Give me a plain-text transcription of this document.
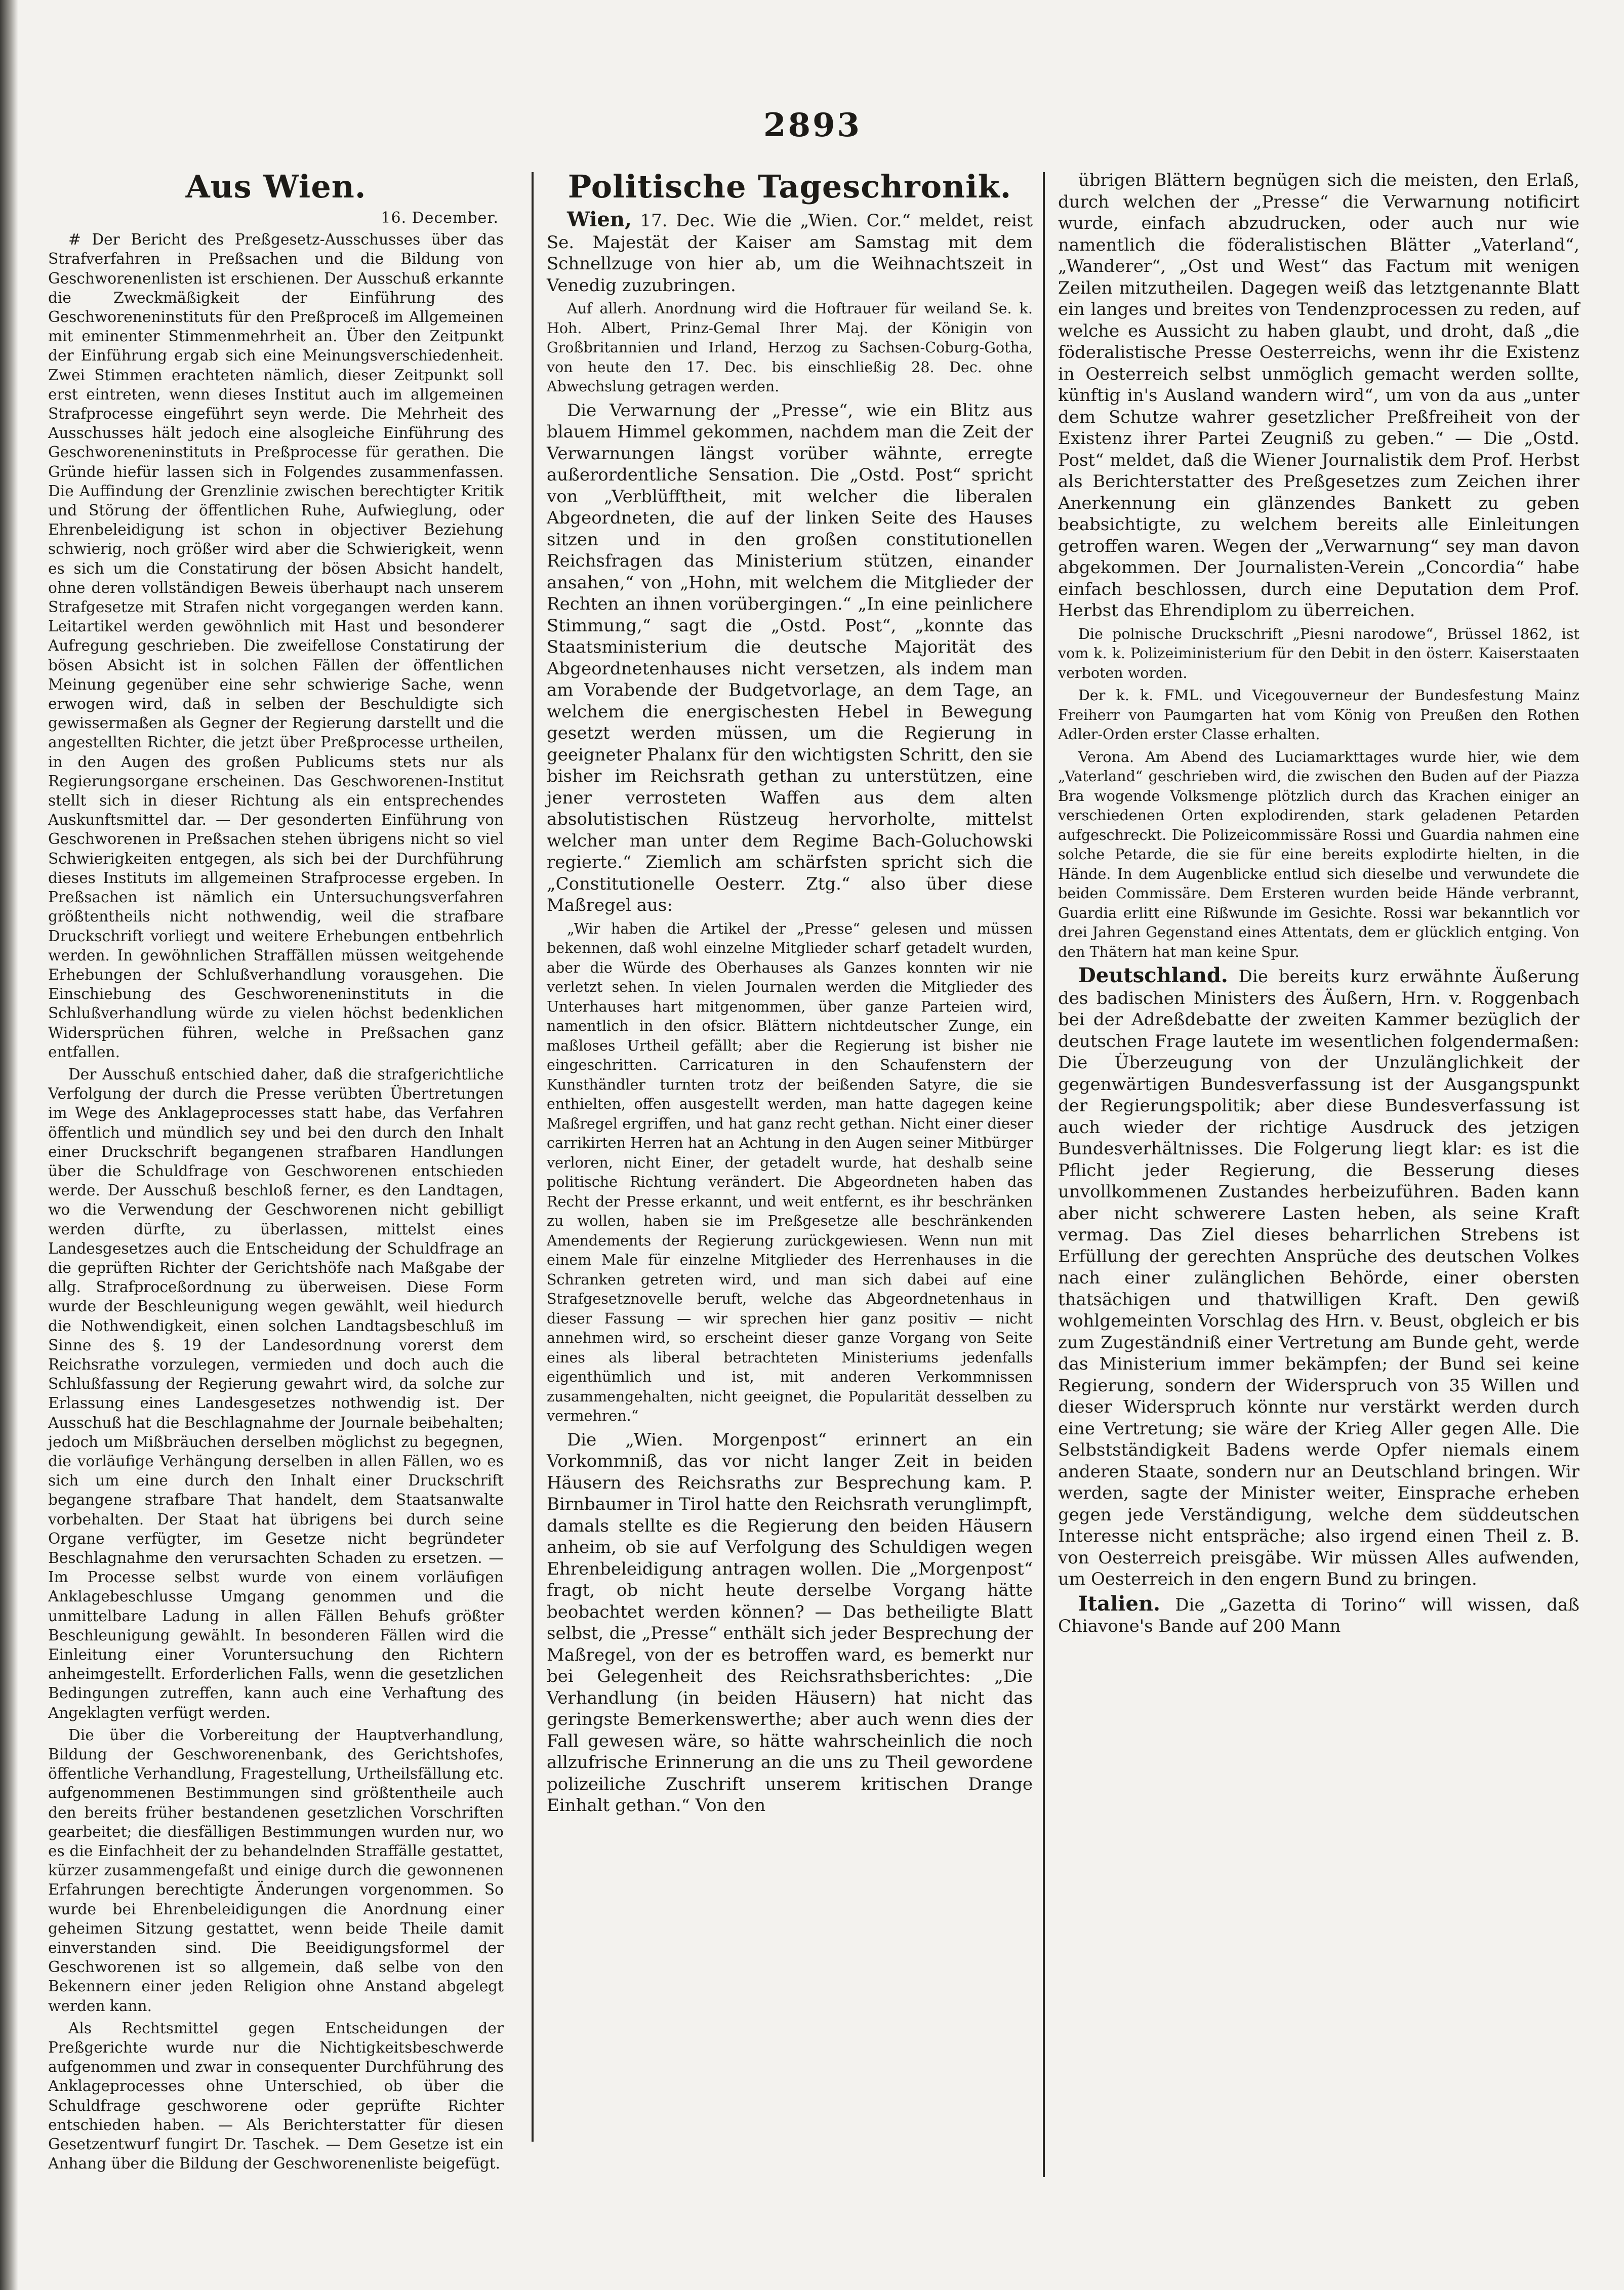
2893
Aus Wien.
16. December.

# Der Bericht des Preßgesetz-Ausschusses über das Strafverfahren in Preßsachen und die Bildung von Geschworenenlisten ist erschienen. Der Ausschuß erkannte die Zweckmäßigkeit der Einführung des Geschworeneninstituts für den Preßproceß im Allgemeinen mit eminenter Stimmenmehrheit an. Über den Zeitpunkt der Einführung ergab sich eine Meinungsverschiedenheit. Zwei Stimmen erachteten nämlich, dieser Zeitpunkt soll erst eintreten, wenn dieses Institut auch im allgemeinen Strafprocesse eingeführt seyn werde. Die Mehrheit des Ausschusses hält jedoch eine alsogleiche Einführung des Geschworeneninstituts in Preßprocesse für gerathen. Die Gründe hiefür lassen sich in Folgendes zusammenfassen. Die Auffindung der Grenzlinie zwischen berechtigter Kritik und Störung der öffentlichen Ruhe, Aufwieglung, oder Ehrenbeleidigung ist schon in objectiver Beziehung schwierig, noch größer wird aber die Schwierigkeit, wenn es sich um die Constatirung der bösen Absicht handelt, ohne deren vollständigen Beweis überhaupt nach unserem Strafgesetze mit Strafen nicht vorgegangen werden kann. Leitartikel werden gewöhnlich mit Hast und besonderer Aufregung geschrieben. Die zweifellose Constatirung der bösen Absicht ist in solchen Fällen der öffentlichen Meinung gegenüber eine sehr schwierige Sache, wenn erwogen wird, daß in selben der Beschuldigte sich gewissermaßen als Gegner der Regierung darstellt und die angestellten Richter, die jetzt über Preßprocesse urtheilen, in den Augen des großen Publicums stets nur als Regierungsorgane erscheinen. Das Geschworenen-Institut stellt sich in dieser Richtung als ein entsprechendes Auskunftsmittel dar. — Der gesonderten Einführung von Geschworenen in Preßsachen stehen übrigens nicht so viel Schwierigkeiten entgegen, als sich bei der Durchführung dieses Instituts im allgemeinen Strafprocesse ergeben. In Preßsachen ist nämlich ein Untersuchungsverfahren größtentheils nicht nothwendig, weil die strafbare Druckschrift vorliegt und weitere Erhebungen entbehrlich werden. In gewöhnlichen Straffällen müssen weitgehende Erhebungen der Schlußverhandlung vorausgehen. Die Einschiebung des Geschworeneninstituts in die Schlußverhandlung würde zu vielen höchst bedenklichen Widersprüchen führen, welche in Preßsachen ganz entfallen.

Der Ausschuß entschied daher, daß die strafgerichtliche Verfolgung der durch die Presse verübten Übertretungen im Wege des Anklageprocesses statt habe, das Verfahren öffentlich und mündlich sey und bei den durch den Inhalt einer Druckschrift begangenen strafbaren Handlungen über die Schuldfrage von Geschworenen entschieden werde. Der Ausschuß beschloß ferner, es den Landtagen, wo die Verwendung der Geschworenen nicht gebilligt werden dürfte, zu überlassen, mittelst eines Landesgesetzes auch die Entscheidung der Schuldfrage an die geprüften Richter der Gerichtshöfe nach Maßgabe der allg. Strafproceßordnung zu überweisen. Diese Form wurde der Beschleunigung wegen gewählt, weil hiedurch die Nothwendigkeit, einen solchen Landtagsbeschluß im Sinne des §. 19 der Landesordnung vorerst dem Reichsrathe vorzulegen, vermieden und doch auch die Schlußfassung der Regierung gewahrt wird, da solche zur Erlassung eines Landesgesetzes nothwendig ist. Der Ausschuß hat die Beschlagnahme der Journale beibehalten; jedoch um Mißbräuchen derselben möglichst zu begegnen, die vorläufige Verhängung derselben in allen Fällen, wo es sich um eine durch den Inhalt einer Druckschrift begangene strafbare That handelt, dem Staatsanwalte vorbehalten. Der Staat hat übrigens bei durch seine Organe verfügter, im Gesetze nicht begründeter Beschlagnahme den verursachten Schaden zu ersetzen. — Im Processe selbst wurde von einem vorläufigen Anklagebeschlusse Umgang genommen und die unmittelbare Ladung in allen Fällen Behufs größter Beschleunigung gewählt. In besonderen Fällen wird die Einleitung einer Voruntersuchung den Richtern anheimgestellt. Erforderlichen Falls, wenn die gesetzlichen Bedingungen zutreffen, kann auch eine Verhaftung des Angeklagten verfügt werden.

Die über die Vorbereitung der Hauptverhandlung, Bildung der Geschworenenbank, des Gerichtshofes, öffentliche Verhandlung, Fragestellung, Urtheilsfällung etc. aufgenommenen Bestimmungen sind größtentheile auch den bereits früher bestandenen gesetzlichen Vorschriften gearbeitet; die diesfälligen Bestimmungen wurden nur, wo es die Einfachheit der zu behandelnden Straffälle gestattet, kürzer zusammengefaßt und einige durch die gewonnenen Erfahrungen berechtigte Änderungen vorgenommen. So wurde bei Ehrenbeleidigungen die Anordnung einer geheimen Sitzung gestattet, wenn beide Theile damit einverstanden sind. Die Beeidigungsformel der Geschworenen ist so allgemein, daß selbe von den Bekennern einer jeden Religion ohne Anstand abgelegt werden kann.

Als Rechtsmittel gegen Entscheidungen der Preßgerichte wurde nur die Nichtigkeitsbeschwerde aufgenommen und zwar in consequenter Durchführung des Anklageprocesses ohne Unterschied, ob über die Schuldfrage geschworene oder geprüfte Richter entschieden haben. — Als Berichterstatter für diesen Gesetzentwurf fungirt Dr. Taschek. — Dem Gesetze ist ein Anhang über die Bildung der Geschworenenliste beigefügt.

Politische Tageschronik.

Wien, 17. Dec. Wie die „Wien. Cor.“ meldet, reist Se. Majestät der Kaiser am Samstag mit dem Schnellzuge von hier ab, um die Weihnachtszeit in Venedig zuzubringen.

Auf allerh. Anordnung wird die Hoftrauer für weiland Se. k. Hoh. Albert, Prinz-Gemal Ihrer Maj. der Königin von Großbritannien und Irland, Herzog zu Sachsen-Coburg-Gotha, von heute den 17. Dec. bis einschließig 28. Dec. ohne Abwechslung getragen werden.

Die Verwarnung der „Presse“, wie ein Blitz aus blauem Himmel gekommen, nachdem man die Zeit der Verwarnungen längst vorüber wähnte, erregte außerordentliche Sensation. Die „Ostd. Post“ spricht von „Verblüfftheit, mit welcher die liberalen Abgeordneten, die auf der linken Seite des Hauses sitzen und in den großen constitutionellen Reichsfragen das Ministerium stützen, einander ansahen,“ von „Hohn, mit welchem die Mitglieder der Rechten an ihnen vorübergingen.“ „In eine peinlichere Stimmung,“ sagt die „Ostd. Post“, „konnte das Staatsministerium die deutsche Majorität des Abgeordnetenhauses nicht versetzen, als indem man am Vorabende der Budgetvorlage, an dem Tage, an welchem die energischesten Hebel in Bewegung gesetzt werden müssen, um die Regierung in geeigneter Phalanx für den wichtigsten Schritt, den sie bisher im Reichsrath gethan zu unterstützen, eine jener verrosteten Waffen aus dem alten absolutistischen Rüstzeug hervorholte, mittelst welcher man unter dem Regime Bach-Goluchowski regierte.“ Ziemlich am schärfsten spricht sich die „Constitutionelle Oesterr. Ztg.“ also über diese Maßregel aus:

„Wir haben die Artikel der „Presse“ gelesen und müssen bekennen, daß wohl einzelne Mitglieder scharf getadelt wurden, aber die Würde des Oberhauses als Ganzes konnten wir nie verletzt sehen. In vielen Journalen werden die Mitglieder des Unterhauses hart mitgenommen, über ganze Parteien wird, namentlich in den ofsicr. Blättern nichtdeutscher Zunge, ein maßloses Urtheil gefällt; aber die Regierung ist bisher nie eingeschritten. Carricaturen in den Schaufenstern der Kunsthändler turnten trotz der beißenden Satyre, die sie enthielten, offen ausgestellt werden, man hatte dagegen keine Maßregel ergriffen, und hat ganz recht gethan. Nicht einer dieser carrikirten Herren hat an Achtung in den Augen seiner Mitbürger verloren, nicht Einer, der getadelt wurde, hat deshalb seine politische Richtung verändert. Die Abgeordneten haben das Recht der Presse erkannt, und weit entfernt, es ihr beschränken zu wollen, haben sie im Preßgesetze alle beschränkenden Amendements der Regierung zurückgewiesen. Wenn nun mit einem Male für einzelne Mitglieder des Herrenhauses in die Schranken getreten wird, und man sich dabei auf eine Strafgesetznovelle beruft, welche das Abgeordnetenhaus in dieser Fassung — wir sprechen hier ganz positiv — nicht annehmen wird, so erscheint dieser ganze Vorgang von Seite eines als liberal betrachteten Ministeriums jedenfalls eigenthümlich und ist, mit anderen Verkommnissen zusammengehalten, nicht geeignet, die Popularität desselben zu vermehren.“

Die „Wien. Morgenpost“ erinnert an ein Vorkommniß, das vor nicht langer Zeit in beiden Häusern des Reichsraths zur Besprechung kam. P. Birnbaumer in Tirol hatte den Reichsrath verunglimpft, damals stellte es die Regierung den beiden Häusern anheim, ob sie auf Verfolgung des Schuldigen wegen Ehrenbeleidigung antragen wollen. Die „Morgenpost“ fragt, ob nicht heute derselbe Vorgang hätte beobachtet werden können? — Das betheiligte Blatt selbst, die „Presse“ enthält sich jeder Besprechung der Maßregel, von der es betroffen ward, es bemerkt nur bei Gelegenheit des Reichsrathsberichtes: „Die Verhandlung (in beiden Häusern) hat nicht das geringste Bemerkenswerthe; aber auch wenn dies der Fall gewesen wäre, so hätte wahrscheinlich die noch allzufrische Erinnerung an die uns zu Theil gewordene polizeiliche Zuschrift unserem kritischen Drange Einhalt gethan.“ Von den

übrigen Blättern begnügen sich die meisten, den Erlaß, durch welchen der „Presse“ die Verwarnung notificirt wurde, einfach abzudrucken, oder auch nur wie namentlich die föderalistischen Blätter „Vaterland“, „Wanderer“, „Ost und West“ das Factum mit wenigen Zeilen mitzutheilen. Dagegen weiß das letztgenannte Blatt ein langes und breites von Tendenzprocessen zu reden, auf welche es Aussicht zu haben glaubt, und droht, daß „die föderalistische Presse Oesterreichs, wenn ihr die Existenz in Oesterreich selbst unmöglich gemacht werden sollte, künftig in's Ausland wandern wird“, um von da aus „unter dem Schutze wahrer gesetzlicher Preßfreiheit von der Existenz ihrer Partei Zeugniß zu geben.“ — Die „Ostd. Post“ meldet, daß die Wiener Journalistik dem Prof. Herbst als Berichterstatter des Preßgesetzes zum Zeichen ihrer Anerkennung ein glänzendes Bankett zu geben beabsichtigte, zu welchem bereits alle Einleitungen getroffen waren. Wegen der „Verwarnung“ sey man davon abgekommen. Der Journalisten-Verein „Concordia“ habe einfach beschlossen, durch eine Deputation dem Prof. Herbst das Ehrendiplom zu überreichen.

Die polnische Druckschrift „Piesni narodowe“, Brüssel 1862, ist vom k. k. Polizeiministerium für den Debit in den österr. Kaiserstaaten verboten worden.

Der k. k. FML. und Vicegouverneur der Bundesfestung Mainz Freiherr von Paumgarten hat vom König von Preußen den Rothen Adler-Orden erster Classe erhalten.

Verona. Am Abend des Luciamarkttages wurde hier, wie dem „Vaterland“ geschrieben wird, die zwischen den Buden auf der Piazza Bra wogende Volksmenge plötzlich durch das Krachen einiger an verschiedenen Orten explodirenden, stark geladenen Petarden aufgeschreckt. Die Polizeicommissäre Rossi und Guardia nahmen eine solche Petarde, die sie für eine bereits explodirte hielten, in die Hände. In dem Augenblicke entlud sich dieselbe und verwundete die beiden Commissäre. Dem Ersteren wurden beide Hände verbrannt, Guardia erlitt eine Rißwunde im Gesichte. Rossi war bekanntlich vor drei Jahren Gegenstand eines Attentats, dem er glücklich entging. Von den Thätern hat man keine Spur.

Deutschland. Die bereits kurz erwähnte Äußerung des badischen Ministers des Äußern, Hrn. v. Roggenbach bei der Adreßdebatte der zweiten Kammer bezüglich der deutschen Frage lautete im wesentlichen folgendermaßen: Die Überzeugung von der Unzulänglichkeit der gegenwärtigen Bundesverfassung ist der Ausgangspunkt der Regierungspolitik; aber diese Bundesverfassung ist auch wieder der richtige Ausdruck des jetzigen Bundesverhältnisses. Die Folgerung liegt klar: es ist die Pflicht jeder Regierung, die Besserung dieses unvollkommenen Zustandes herbeizuführen. Baden kann aber nicht schwerere Lasten heben, als seine Kraft vermag. Das Ziel dieses beharrlichen Strebens ist Erfüllung der gerechten Ansprüche des deutschen Volkes nach einer zulänglichen Behörde, einer obersten thatsächigen und thatwilligen Kraft. Den gewiß wohlgemeinten Vorschlag des Hrn. v. Beust, obgleich er bis zum Zugeständniß einer Vertretung am Bunde geht, werde das Ministerium immer bekämpfen; der Bund sei keine Regierung, sondern der Widerspruch von 35 Willen und dieser Widerspruch könnte nur verstärkt werden durch eine Vertretung; sie wäre der Krieg Aller gegen Alle. Die Selbstständigkeit Badens werde Opfer niemals einem anderen Staate, sondern nur an Deutschland bringen. Wir werden, sagte der Minister weiter, Einsprache erheben gegen jede Verständigung, welche dem süddeutschen Interesse nicht entspräche; also irgend einen Theil z. B. von Oesterreich preisgäbe. Wir müssen Alles aufwenden, um Oesterreich in den engern Bund zu bringen.

Italien. Die „Gazetta di Torino“ will wissen, daß Chiavone's Bande auf 200 Mann
